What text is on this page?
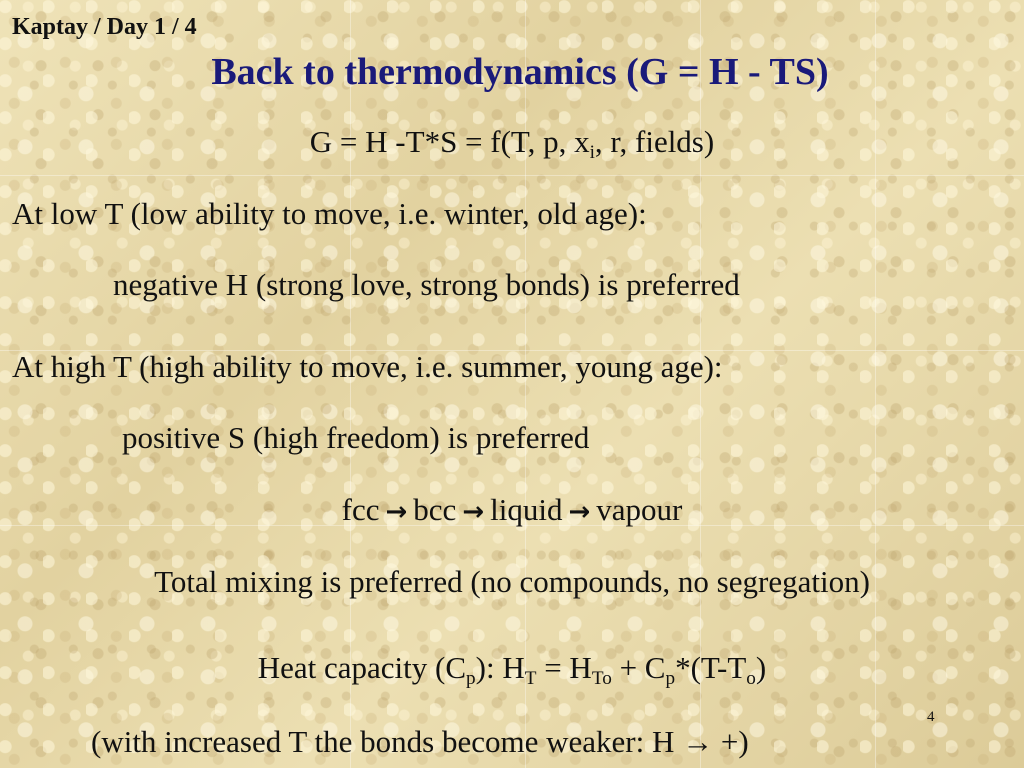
Kaptay / Day 1 / 4
Back to thermodynamics (G = H - TS)
G = H -T*S = f(T, p, $x_i$, r, fields)
At low T (low ability to move, i.e. winter, old age):
negative H (strong love, strong bonds) is preferred
At high T (high ability to move, i.e. summer, young age):
positive S (high freedom) is preferred
fcc → bcc → liquid → vapour
Total mixing is preferred (no compounds, no segregation)
Heat capacity $(C_p)$: $H_T = H_{To} + C_p*(T-T_o)$
4
(with increased T the bonds become weaker: H → +)
